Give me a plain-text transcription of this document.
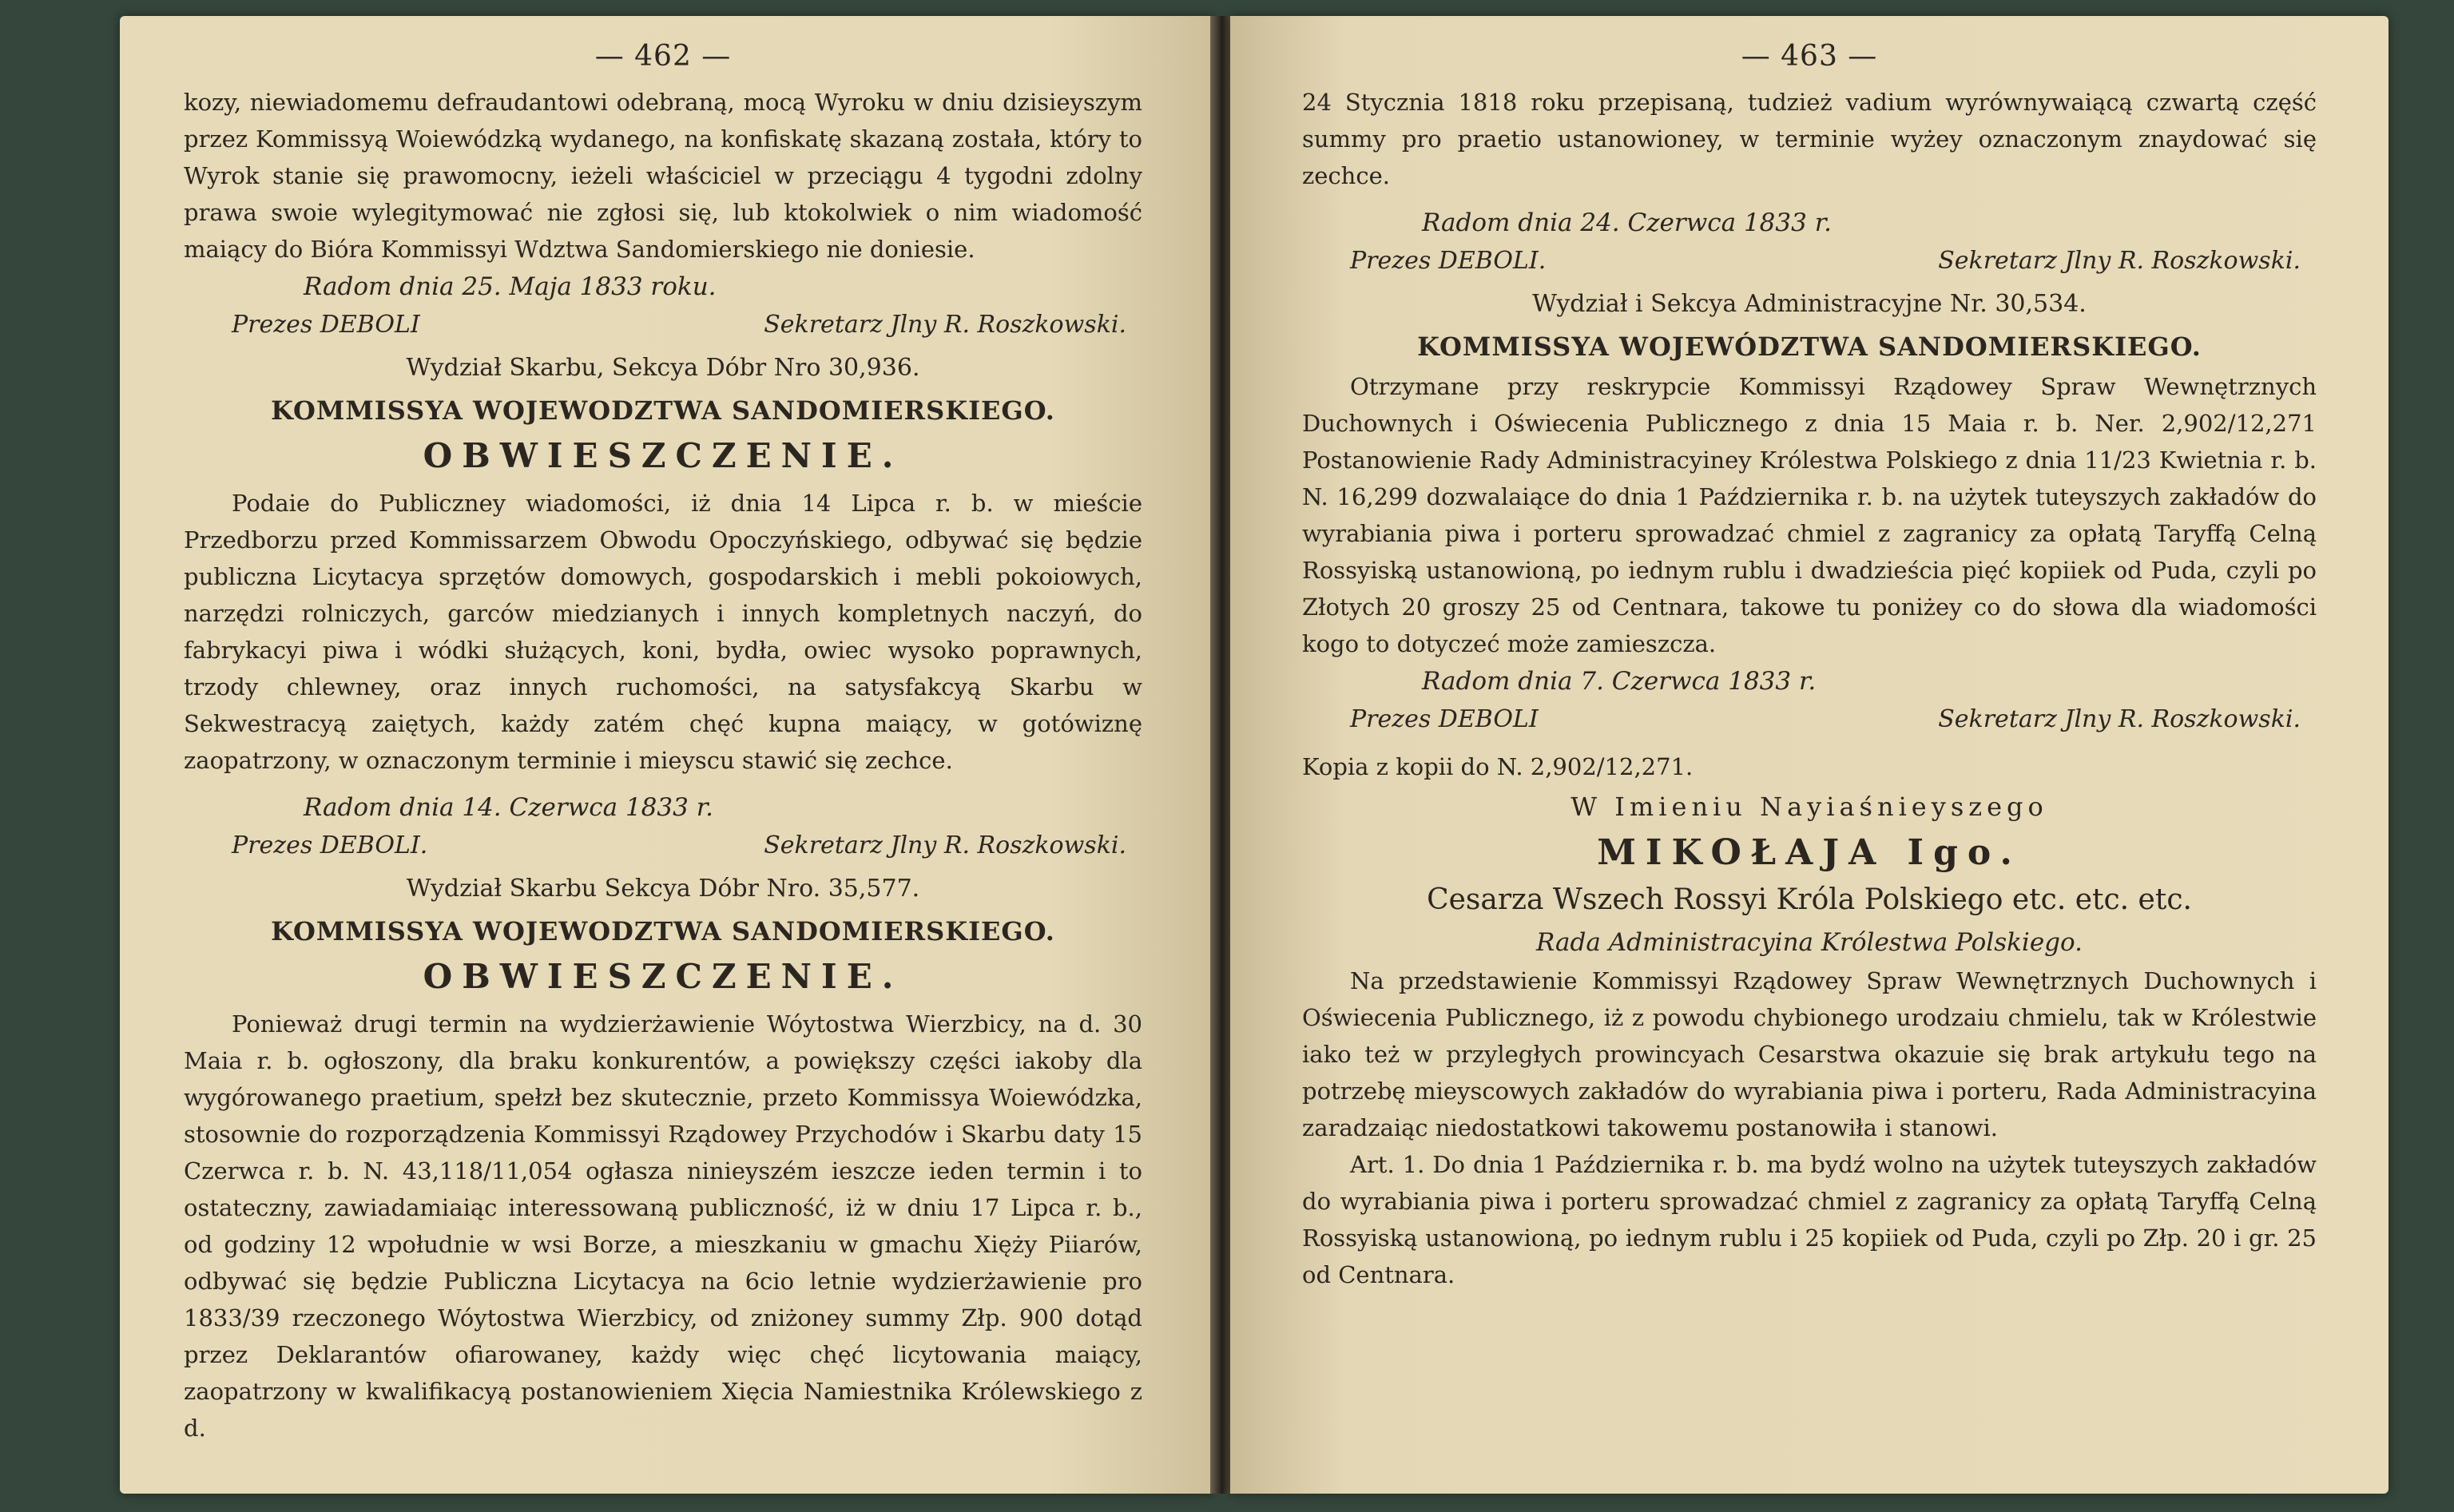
— 462 —

kozy, niewiadomemu defraudantowi odebraną, mocą Wyroku w dniu dzisieyszym przez Kommissyą Woiewódzką wydanego, na konfiskatę skazaną została, który to Wyrok stanie się prawomocny, ieżeli właściciel w przeciągu 4 tygodni zdolny prawa swoie wylegitymować nie zgłosi się, lub ktokolwiek o nim wiadomość maiący do Bióra Kommissyi Wdztwa Sandomierskiego nie doniesie.

Radom dnia 25. Maja 1833 roku.
Prezes DEBOLI	Sekretarz Jlny R. Roszkowski.
Wydział Skarbu, Sekcya Dóbr Nro 30,936.
KOMMISSYA WOJEWODZTWA SANDOMIERSKIEGO.
OBWIESZCZENIE.

Podaie do Publiczney wiadomości, iż dnia 14 Lipca r. b. w mieście Przedborzu przed Kommissarzem Obwodu Opoczyńskiego, odbywać się będzie publiczna Licytacya sprzętów domowych, gospodarskich i mebli pokoiowych, narzędzi rolniczych, garców miedzianych i innych kompletnych naczyń, do fabrykacyi piwa i wódki służących, koni, bydła, owiec wysoko poprawnych, trzody chlewney, oraz innych ruchomości, na satysfakcyą Skarbu w Sekwestracyą zaiętych, każdy zatém chęć kupna maiący, w gotówiznę zaopatrzony, w oznaczonym terminie i mieyscu stawić się zechce.

Radom dnia 14. Czerwca 1833 r.
Prezes DEBOLI.	Sekretarz Jlny R. Roszkowski.
Wydział Skarbu Sekcya Dóbr Nro. 35,577.
KOMMISSYA WOJEWODZTWA SANDOMIERSKIEGO.
OBWIESZCZENIE.

Ponieważ drugi termin na wydzierżawienie Wóytostwa Wierzbicy, na d. 30 Maia r. b. ogłoszony, dla braku konkurentów, a powiększy części iakoby dla wygórowanego praetium, spełzł bez skutecznie, przeto Kommissya Woiewódzka, stosownie do rozporządzenia Kommissyi Rządowey Przychodów i Skarbu daty 15 Czerwca r. b. N. 43,118/11,054 ogłasza ninieyszém ieszcze ieden termin i to ostateczny, zawiadamiaiąc interessowaną publiczność, iż w dniu 17 Lipca r. b., od godziny 12 wpołudnie w wsi Borze, a mieszkaniu w gmachu Xięży Piiarów, odbywać się będzie Publiczna Licytacya na 6cio letnie wydzierżawienie pro 1833/39 rzeczonego Wóytostwa Wierzbicy, od zniżoney summy Złp. 900 dotąd przez Deklarantów ofiarowaney, każdy więc chęć licytowania maiący, zaopatrzony w kwalifikacyą postanowieniem Xięcia Namiestnika Królewskiego z d.

— 463 —

24 Stycznia 1818 roku przepisaną, tudzież vadium wyrównywaiącą czwartą część summy pro praetio ustanowioney, w terminie wyżey oznaczonym znaydować się zechce.

Radom dnia 24. Czerwca 1833 r.
Prezes DEBOLI.	Sekretarz Jlny R. Roszkowski.
Wydział i Sekcya Administracyjne Nr. 30,534.
KOMMISSYA WOJEWÓDZTWA SANDOMIERSKIEGO.

Otrzymane przy reskrypcie Kommissyi Rządowey Spraw Wewnętrznych Duchownych i Oświecenia Publicznego z dnia 15 Maia r. b. Ner. 2,902/12,271 Postanowienie Rady Administracyiney Królestwa Polskiego z dnia 11/23 Kwietnia r. b. N. 16,299 dozwalaiące do dnia 1 Października r. b. na użytek tuteyszych zakładów do wyrabiania piwa i porteru sprowadzać chmiel z zagranicy za opłatą Taryffą Celną Rossyiską ustanowioną, po iednym rublu i dwadzieścia pięć kopiiek od Puda, czyli po Złotych 20 groszy 25 od Centnara, takowe tu poniżey co do słowa dla wiadomości kogo to dotyczeć może zamieszcza.

Radom dnia 7. Czerwca 1833 r.
Prezes DEBOLI	Sekretarz Jlny R. Roszkowski.

Kopia z kopii do N. 2,902/12,271.

W Imieniu Nayiaśnieyszego
MIKOŁAJA Igo.
Cesarza Wszech Rossyi Króla Polskiego etc. etc. etc.
Rada Administracyina Królestwa Polskiego.

Na przedstawienie Kommissyi Rządowey Spraw Wewnętrznych Duchownych i Oświecenia Publicznego, iż z powodu chybionego urodzaiu chmielu, tak w Królestwie iako też w przyległych prowincyach Cesarstwa okazuie się brak artykułu tego na potrzebę mieyscowych zakładów do wyrabiania piwa i porteru, Rada Administracyina zaradzaiąc niedostatkowi takowemu postanowiła i stanowi.

Art. 1. Do dnia 1 Października r. b. ma bydź wolno na użytek tuteyszych zakładów do wyrabiania piwa i porteru sprowadzać chmiel z zagranicy za opłatą Taryffą Celną Rossyiską ustanowioną, po iednym rublu i 25 kopiiek od Puda, czyli po Złp. 20 i gr. 25 od Centnara.
